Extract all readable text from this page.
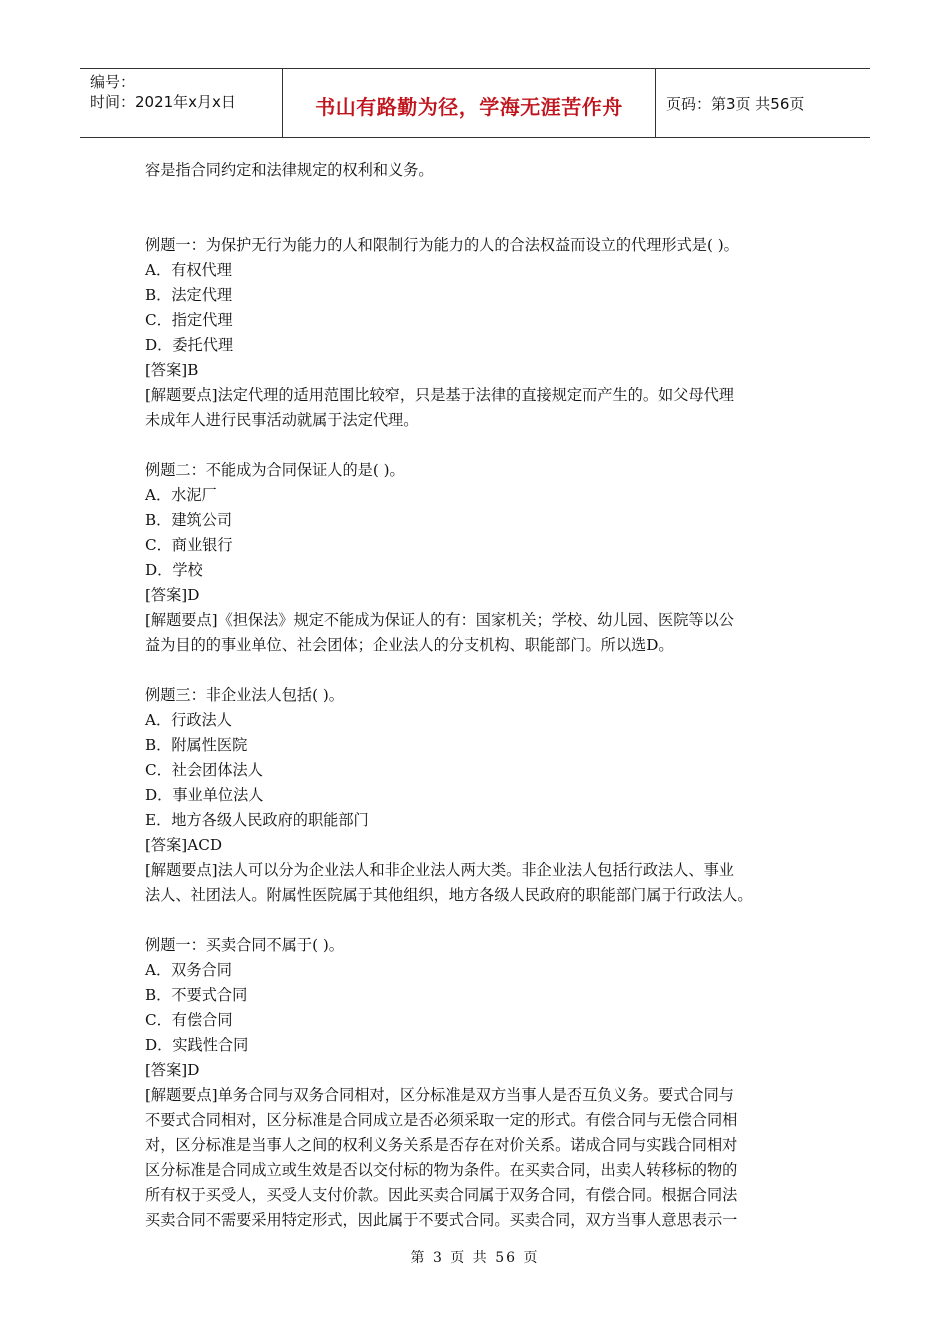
编号：
时间：2021年x月x日	书山有路勤为径，学海无涯苦作舟	页码：第3页 共56页

容是指合同约定和法律规定的权利和义务。

例题一：为保护无行为能力的人和限制行为能力的人的合法权益而设立的代理形式是( )。

A．有权代理

B．法定代理

C．指定代理

D．委托代理

[答案]B

[解题要点]法定代理的适用范围比较窄，只是基于法律的直接规定而产生的。如父母代理

未成年人进行民事活动就属于法定代理。

例题二：不能成为合同保证人的是( )。

A．水泥厂

B．建筑公司

C．商业银行

D．学校

[答案]D

[解题要点]《担保法》规定不能成为保证人的有：国家机关；学校、幼儿园、医院等以公

益为目的的事业单位、社会团体；企业法人的分支机构、职能部门。所以选D。

例题三：非企业法人包括( )。

A．行政法人

B．附属性医院

C．社会团体法人

D．事业单位法人

E．地方各级人民政府的职能部门

[答案]ACD

[解题要点]法人可以分为企业法人和非企业法人两大类。非企业法人包括行政法人、事业

法人、社团法人。附属性医院属于其他组织，地方各级人民政府的职能部门属于行政法人。

例题一：买卖合同不属于( )。

A．双务合同

B．不要式合同

C．有偿合同

D．实践性合同

[答案]D

[解题要点]单务合同与双务合同相对，区分标准是双方当事人是否互负义务。要式合同与

不要式合同相对，区分标准是合同成立是否必须采取一定的形式。有偿合同与无偿合同相

对，区分标准是当事人之间的权利义务关系是否存在对价关系。诺成合同与实践合同相对

区分标准是合同成立或生效是否以交付标的物为条件。在买卖合同，出卖人转移标的物的

所有权于买受人，买受人支付价款。因此买卖合同属于双务合同，有偿合同。根据合同法

买卖合同不需要采用特定形式，因此属于不要式合同。买卖合同，双方当事人意思表示一

第 3 页 共 56 页
